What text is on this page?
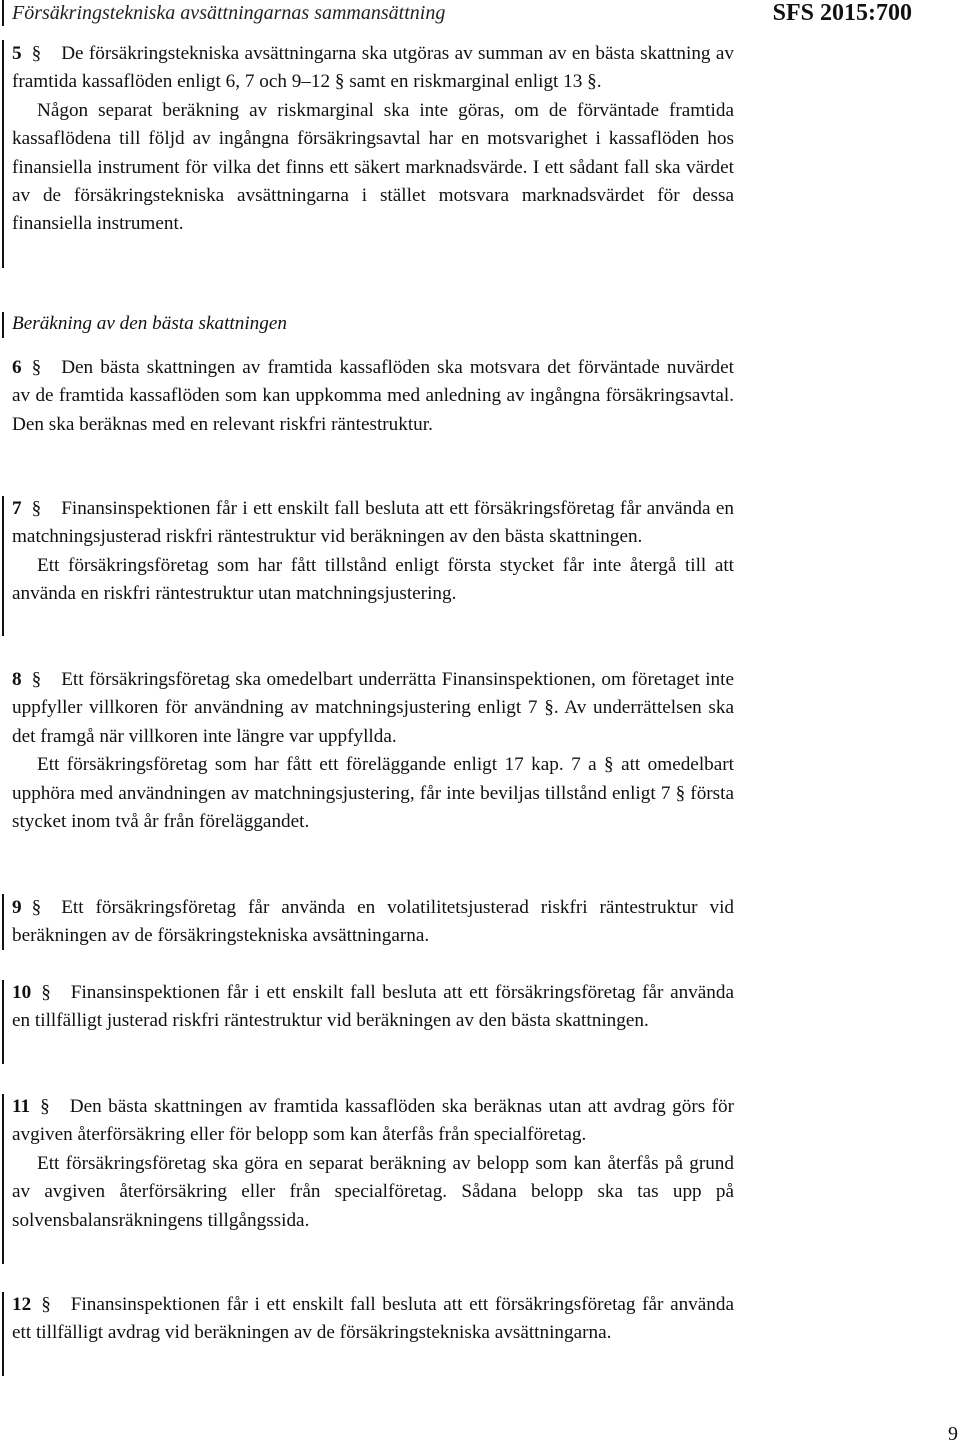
Försäkringstekniska avsättningarnas sammansättning	SFS 2015:700

5 § De försäkringstekniska avsättningarna ska utgöras av summan av en bästa skattning av framtida kassaflöden enligt 6, 7 och 9–12 § samt en riskmarginal enligt 13 §.

Någon separat beräkning av riskmarginal ska inte göras, om de förväntade framtida kassaflödena till följd av ingångna försäkringsavtal har en motsvarighet i kassaflöden hos finansiella instrument för vilka det finns ett säkert marknadsvärde. I ett sådant fall ska värdet av de försäkringstekniska avsättningarna i stället motsvara marknadsvärdet för dessa finansiella instrument.

Beräkning av den bästa skattningen

6 § Den bästa skattningen av framtida kassaflöden ska motsvara det förväntade nuvärdet av de framtida kassaflöden som kan uppkomma med anledning av ingångna försäkringsavtal. Den ska beräknas med en relevant riskfri räntestruktur.

7 § Finansinspektionen får i ett enskilt fall besluta att ett försäkringsföretag får använda en matchningsjusterad riskfri räntestruktur vid beräkningen av den bästa skattningen.

Ett försäkringsföretag som har fått tillstånd enligt första stycket får inte återgå till att använda en riskfri räntestruktur utan matchningsjustering.

8 § Ett försäkringsföretag ska omedelbart underrätta Finansinspektionen, om företaget inte uppfyller villkoren för användning av matchningsjustering enligt 7 §. Av underrättelsen ska det framgå när villkoren inte längre var uppfyllda.

Ett försäkringsföretag som har fått ett föreläggande enligt 17 kap. 7 a § att omedelbart upphöra med användningen av matchningsjustering, får inte beviljas tillstånd enligt 7 § första stycket inom två år från föreläggandet.

9 § Ett försäkringsföretag får använda en volatilitetsjusterad riskfri räntestruktur vid beräkningen av de försäkringstekniska avsättningarna.

10 § Finansinspektionen får i ett enskilt fall besluta att ett försäkringsföretag får använda en tillfälligt justerad riskfri räntestruktur vid beräkningen av den bästa skattningen.

11 § Den bästa skattningen av framtida kassaflöden ska beräknas utan att avdrag görs för avgiven återförsäkring eller för belopp som kan återfås från specialföretag.

Ett försäkringsföretag ska göra en separat beräkning av belopp som kan återfås på grund av avgiven återförsäkring eller från specialföretag. Sådana belopp ska tas upp på solvensbalansräkningens tillgångssida.

12 § Finansinspektionen får i ett enskilt fall besluta att ett försäkringsföretag får använda ett tillfälligt avdrag vid beräkningen av de försäkringstekniska avsättningarna.

9
